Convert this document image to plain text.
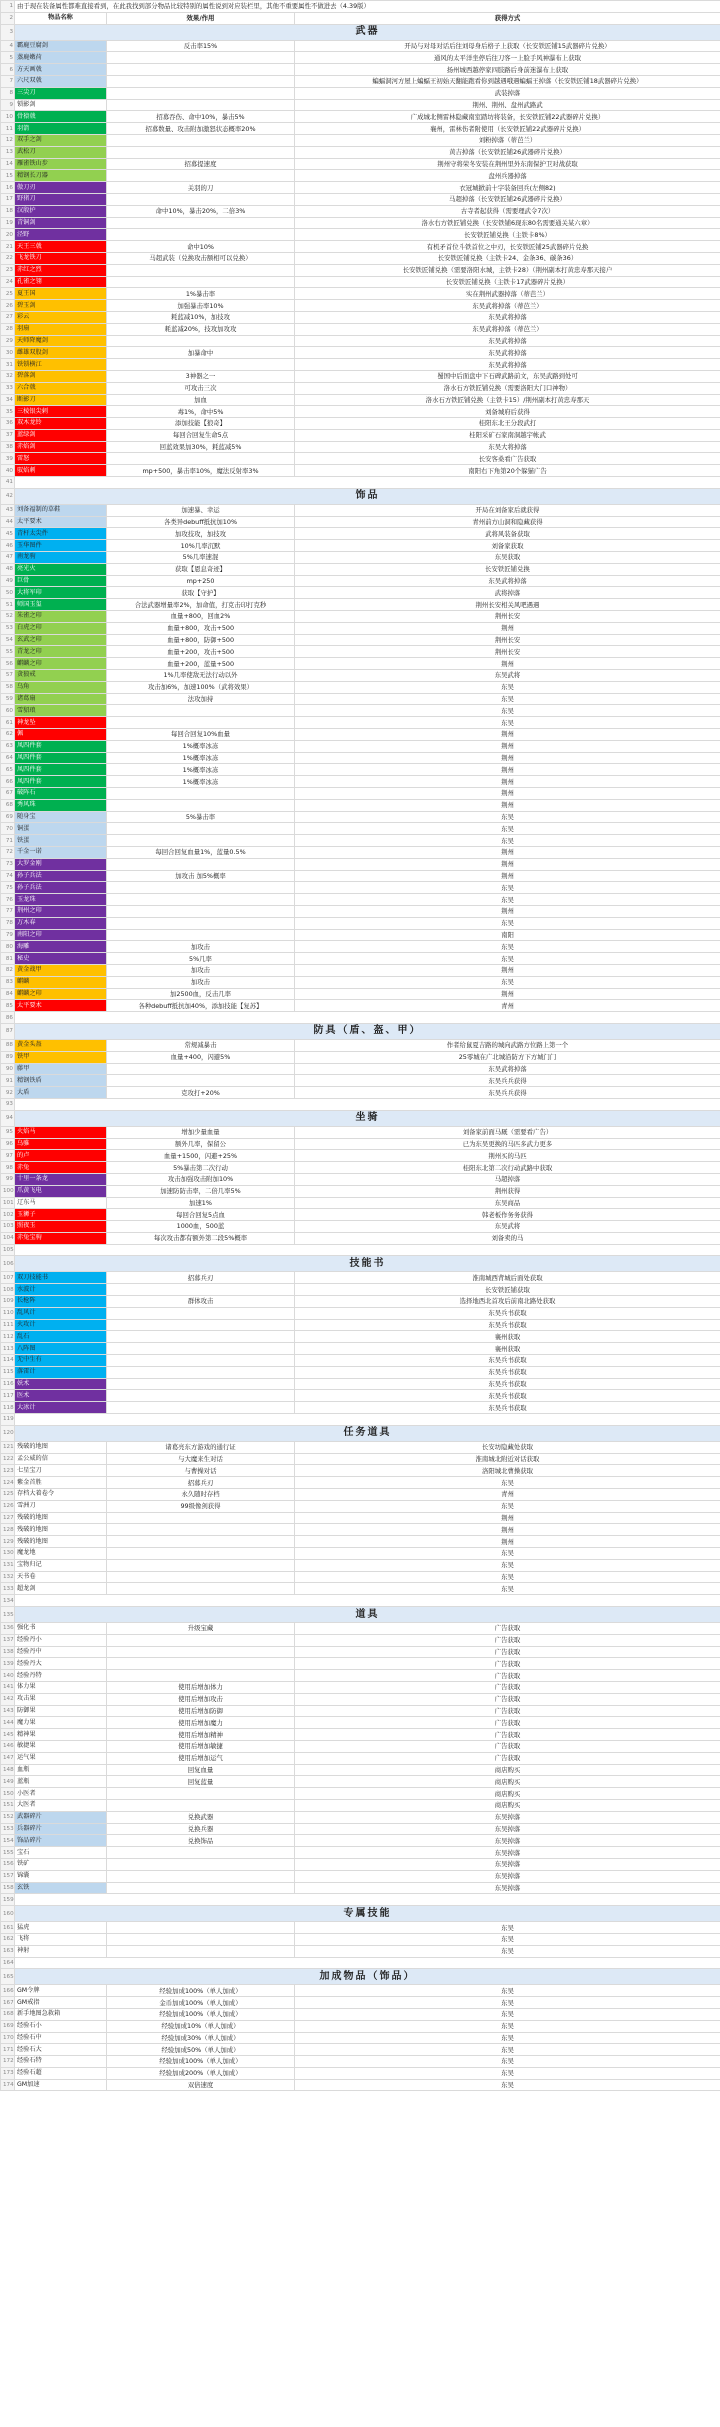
1	由于现在装备属性都难直接看到，在此我找到部分物品比较特别的属性说到对应装栏里，其他不重要属性不做进去（4.39版）		
2	物品名称	效果/作用	获得方式
3	武器		
4	霸鹿豆腐剑	反击率15%	开局与对母对话后往刘母身后格子上获取（长安铁匠铺15武器碎片兑换）
5	蒸鹿嫩荷		通风的太平洋坐停后往刀客一上脸手风神瀑布上获取
6	方天画戟		扬州城西越停家四肢路后身前迷瀑布上获取
7	六尺双戟		蝙蝠洞河方屋上蝙蝠王初始天翻能跑看你到越遇哦遇蝙蝠王掉落（长安铁匠铺18武器碎片兑换）
8	三尖刀		武装掉落
9	锁影剑		荆州、荆州、盘州武路武
10	骨猿戟	招募吞伤、命中10%，暴击5%	广成城北侧雷林隐藏南室踏坊将装备，长安铁匠铺22武器碎片兑换）
11	羽箭	招募数量、攻击附加激怒状态概率20%	襄州，雷林伤者附使用（长安铁匠铺22武器碎片兑换）
12	双手之剑		刘粉掉落（蒂芭兰）
13	武松刀		黄吉掉落（长安铁匠铺26武器碎片兑换）
14	雁雀铁山步	招募提速度	荆州守将荣冬安装在荆州里外东南保护卫对战获取
15	精钢长刀器		盘州兵器掉落
16	傲刀刃	关羽的刀	衣冠城掀前十字装备回兵(左侧82)
17	野猪刀		马超掉落（长安铁匠铺26武器碎片兑换）
18	汉殷护	命中10%，暴击20%，二倍3%	古寺者起获得（需要理武令7次）
19	青铜剑		洛水右方铁匠铺兑换（长安铁铺6现东80名需要通关某六章）
20	泾野		长安铁匠铺兑换（主铁卡8%）
21	天王三戟	命中10%	有机矛首位斗铁首位之中刃，长安铁匠铺25武器碎片兑换
22	飞龙铁刀	马超武装（兑换攻击额相可以兑换）	长安铁匠铺兑换（主铁卡24、金条36、碳条36）
23	赤红之烈		长安铁匠铺兑换（需要洛阳水城，主铁卡28）（荆州副本打黄忠寿那天接户
24	孔雀之翎		长安铁匠铺兑换（主铁卡17武器碎片兑换）
25	夏王国	1%暴击率	实在荆州武器掉落（蒂芭兰）
26	碧玉剑	加强暴击率10%	东吴武将掉落（蒂芭兰）
27	彩云	耗蓝减10%，加技攻	东吴武将掉落
28	羽扇	耗蓝减20%，技攻加攻攻	东吴武将掉落（蒂芭兰）
29	天师降魔剑		东吴武将掉落
30	雌雄双股剑	加暴命中	东吴武将掉落
31	铁锁横江		东吴武将掉落
32	碧落剑	3神器之一	蜀国中后面盘中下石碑武路前文，东吴武路到处可
33	六合戟	可攻击三次	洛水石方铁匠铺兑换（需要洛阳大门口神物）
34	断影刀	加血	洛水石方铁匠铺兑换（主铁卡15）/荆州副本打黄忠寿那天
35	三棱银尖刺	毒1%，命中5%	刘备城府后获得
36	双木龙铃	添加技能【狼奇】	桂阳东北王分段武打
37	蓝绿剑	每回合回复生命5点	桂阳采矿石家南洞越宇帐武
38	赤焰剑	回蓝效果加30%，耗蓝减5%	东吴大将掉落
39	雷怒		长安客桑看广告获取
40	驭焰刺	mp+500，暴击率10%，魔法反射率3%	南阳右下角第20个躲猫广告
41			
42	饰品		
43	刘备福制的草鞋	加速暴、幸运	开局在刘备家后就获得
44	太平要术	各类异debuff抵抗加10%	青州前方山洞和隐藏获得
45	青杆太尖件	加攻技攻，加技攻	武将风装备获取
46	玉华图件	10%几率沉默	刘备家获取
47	南龙驹	5%几率速混	东吴获取
48	亮光火	获取【恩息奇迹】	长安铁匠铺兑换
49	巨骨	mp+250	东吴武将掉落
50	大将军印	获取【守护】	武将掉落
51	师国玉玺	合法武器增量率2%，加命值，打克击印打克秒	荆州长安相关风吧遇遇
52	朱雀之印	血量+800，回血2%	荆州长安
53	白虎之印	血量+800，攻击+500	荆州
54	玄武之印	血量+800，防御+500	荆州长安
55	青龙之印	血量+200，攻击+500	荆州长安
56	麒麟之印	血量+200，蓝量+500	荆州
57	贪狼戒	1%几率使敌无法行动以外	东吴武将
58	乌角	攻击加6%，加速100%（武将效果）	东吴
59	诸葛扇	法攻加持	东吴
60	雪貂琅		东吴
61	神龙坠		东吴
62	佩	每回合回复10%血量	荆州
63	凤四件套	1%概率冰冻	荆州
64	凤四件套	1%概率冰冻	荆州
65	凤四件套	1%概率冰冻	荆州
66	凤四件套	1%概率冰冻	荆州
67	破阵石		荆州
68	秀风珠		荆州
69	随身宝	5%暴击率	东吴
70	铜蛋		东吴
71	铁蛋		东吴
72	千金一诺	每回合回复血量1%，蓝量0.5%	荆州
73	大罗金刚		荆州
74	孙子兵法	加攻击 加5%概率	荆州
75	孙子兵法		东吴
76	玉龙珠		东吴
77	荆州之印		荆州
78	万木春		东吴
79	南阳之印		南阳
80	海雕	加攻击	东吴
81	秘史	5%几率	东吴
82	黄金战甲	加攻击	荆州
83	麒麟	加攻击	东吴
84	麒麟之印	加2500血，反击几率	荆州
85	太平要术	各种debuff抵抗加40%，添加技能【复苏】	青州
86			
87	防具（盾、盔、甲）		
88	黄金头盔	常规减暴击	作者给鼠夏吉路的城向武路方位路上第一个
89	铁甲	血量+400，闪避5%	25零城在广北城沿防方下方城门门
90	藤甲		东吴武将掉落
91	精钢铁盾		东吴兵兵获得
92	大盾	克攻打+20%	东吴兵兵获得
93			
94	坐骑		
95	火焰马	增加少量血量	刘备家前面马厩（需要看广告）
96	乌骓	额外几率，保留公	已为东吴更换的马匹多武力更多
97	的卢	血量+1500，闪避+25%	荆州买的马匹
98	赤兔	5%暴击第二次行动	桂阳东北第二次行动武路中获取
99	十里一条龙	攻击加强攻击附加10%	马超掉落
100	爪黄飞电	加速防防击率，二倍几率5%	荆州获得
101	辽东马	加速1%	东吴商品
102	玉狮子	每回合回复5点血	韩老板作务务获得
103	照夜玉	1000血，500蓝	东吴武将
104	赤兔宝驹	每次攻击都有额外第二段5%概率	刘备卖的马
105			
106	技能书		
107	双刀技能书	招募兵刃	淮南城西背城后面处获取
108	水波计		长安铁匠铺获取
109	长枪阵	群体攻击	选择地西北首攻后前南北路处获取
110	乱风计		东吴兵书获取
111	火攻计		东吴兵书获取
112	乱石		襄州获取
113	八阵图		襄州获取
114	无中生有		东吴兵书获取
115	落雷计		东吴兵书获取
116	妖术		东吴兵书获取
117	医术		东吴兵书获取
118	大冰计		东吴兵书获取
119			
120	任务道具		
121	残破的地图	诸葛亮东方游戏的通行证	长安坊隐藏处获取
122	孟公威的信	与大魔来生对话	淮南城北附近对话获取
123	七星宝刀	与曹操对话	洛阳城北曹操获取
124	紫金首胜	招募兵刃	东吴
125	存档大着卷令	永久随时存档	青州
126	雪洲刀	99级像剑获得	东吴
127	残破的地图		荆州
128	残破的地图		荆州
129	残破的地图		荆州
130	魔龙地		东吴
131	宝物归记		东吴
132	天书卷		东吴
133	超龙剑		东吴
134			
135	道具		
136	强化书	升级宝藏	广告获取
137	经验丹小		广告获取
138	经验丹中		广告获取
139	经验丹大		广告获取
140	经验丹特		广告获取
141	体力果	使用后增加体力	广告获取
142	攻击果	使用后增加攻击	广告获取
143	防御果	使用后增加防御	广告获取
144	魔力果	使用后增加魔力	广告获取
145	精神果	使用后增加精神	广告获取
146	敏捷果	使用后增加敏捷	广告获取
147	运气果	使用后增加运气	广告获取
148	血瓶	回复血量	商店购买
149	蓝瓶	回复蓝量	商店购买
150	小医者		商店购买
151	大医者		商店购买
152	武器碎片	兑换武器	东吴掉落
153	兵器碎片	兑换兵器	东吴掉落
154	饰品碎片	兑换饰品	东吴掉落
155	宝石		东吴掉落
156	铁矿		东吴掉落
157	锦囊		东吴掉落
158	玄铁		东吴掉落
159			
160	专属技能		
161	猛虎		东吴
162	飞将		东吴
163	神射		东吴
164			
165	加成物品（饰品）		
166	GM令牌	经验加成100%（单人加成）	东吴
167	GM戒指	金币加成100%（单人加成）	东吴
168	新手地图急救箱	经验加成100%（单人加成）	东吴
169	经验石小	经验加成10%（单人加成）	东吴
170	经验石中	经验加成30%（单人加成）	东吴
171	经验石大	经验加成50%（单人加成）	东吴
172	经验石特	经验加成100%（单人加成）	东吴
173	经验石超	经验加成200%（单人加成）	东吴
174	GM加速	双倍速度	东吴
